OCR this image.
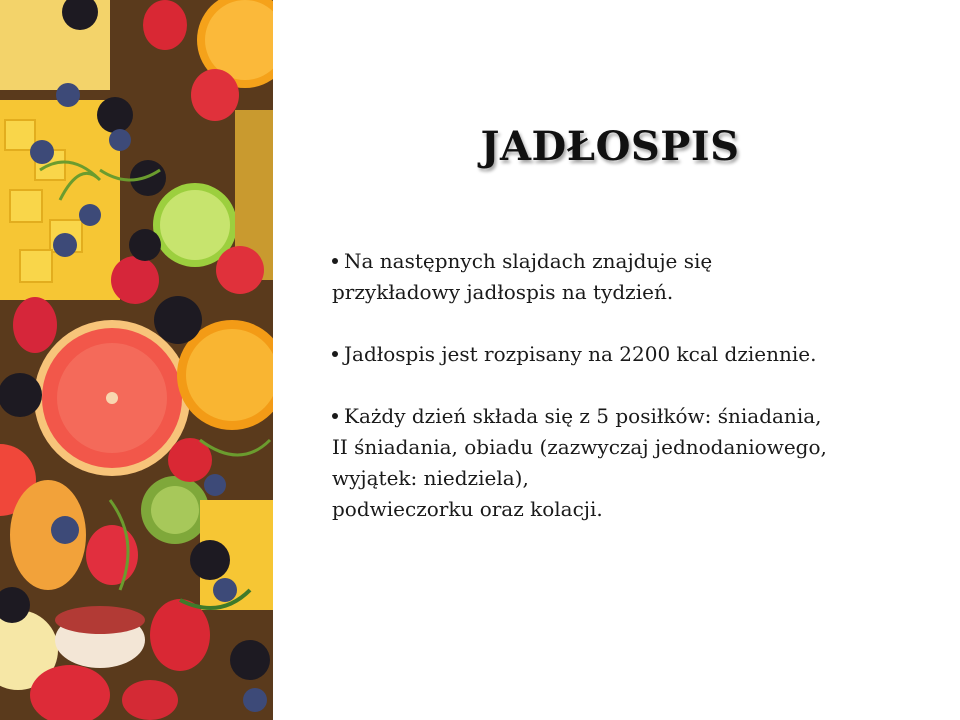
JADŁOSPIS
Na następnych slajdach znajduje się
przykładowy jadłospis na tydzień.
Jadłospis jest rozpisany na 2200 kcal dziennie.
Każdy dzień składa się z 5 posiłków: śniadania,
II śniadania, obiadu (zazwyczaj jednodaniowego,
wyjątek: niedziela),
podwieczorku oraz kolacji.
